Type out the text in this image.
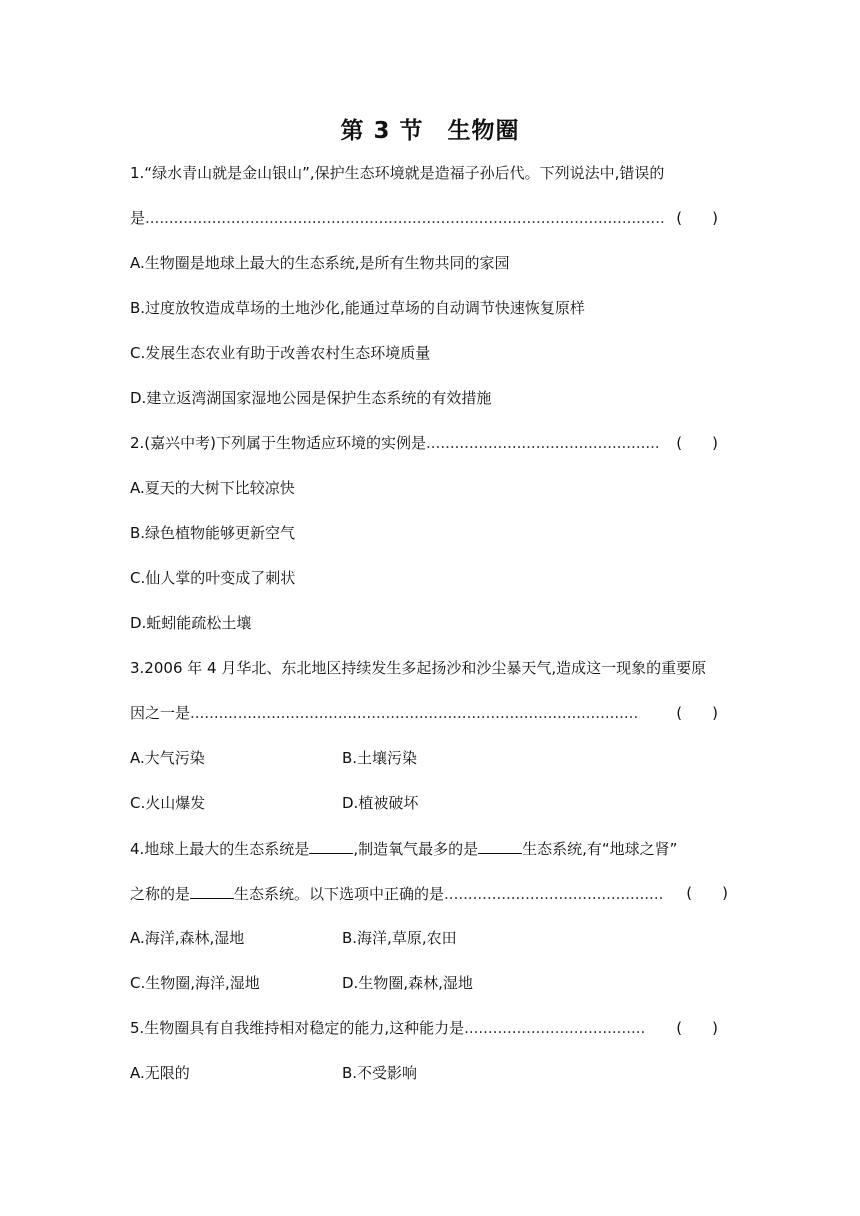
第 3 节　生物圈
1.“绿水青山就是金山银山”,保护生态环境就是造福子孙后代。下列说法中,错误的
是 .....	(　　)
A.生物圈是地球上最大的生态系统,是所有生物共同的家园
B.过度放牧造成草场的土地沙化,能通过草场的自动调节快速恢复原样
C.发展生态农业有助于改善农村生态环境质量
D.建立返湾湖国家湿地公园是保护生态系统的有效措施
2.(嘉兴中考)下列属于生物适应环境的实例是 .....	(　　)
A.夏天的大树下比较凉快
B.绿色植物能够更新空气
C.仙人掌的叶变成了刺状
D.蚯蚓能疏松土壤
3.2006 年 4 月华北、东北地区持续发生多起扬沙和沙尘暴天气,造成这一现象的重要原
因之一是 .....	(　　)
A.大气污染	B.土壤污染
C.火山爆发	D.植被破坏
4.地球上最大的生态系统是	,制造氧气最多的是	生态系统,有“地球之肾”
之称的是	生态系统。以下选项中正确的是 .....	(　　)
A.海洋,森林,湿地	B.海洋,草原,农田
C.生物圈,海洋,湿地	D.生物圈,森林,湿地
5.生物圈具有自我维持相对稳定的能力,这种能力是 .....	(　　)
A.无限的	B.不受影响
